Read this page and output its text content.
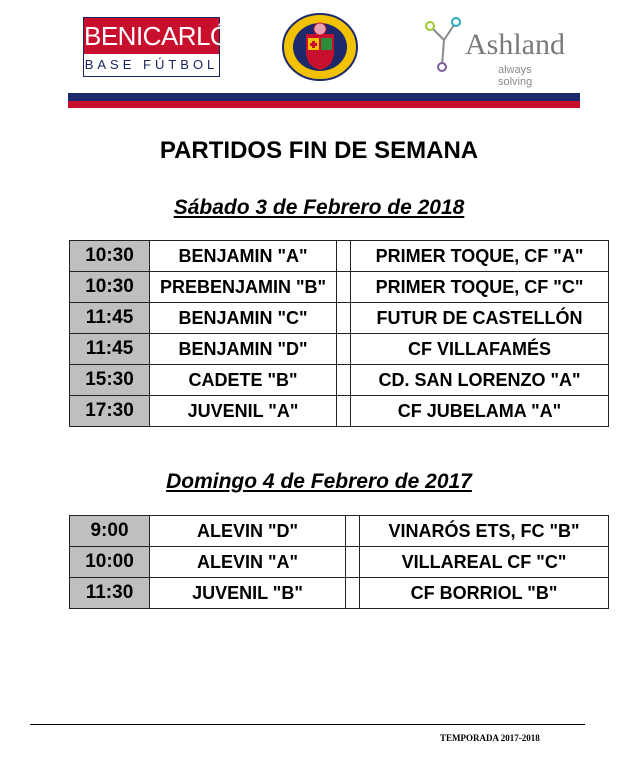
BENICARLÓ
BASE FÚTBOL
Ashland
always solving
PARTIDOS FIN DE SEMANA
Sábado 3 de Febrero de 2018
10:30	BENJAMIN "A"		PRIMER TOQUE, CF "A"
10:30	PREBENJAMIN "B"		PRIMER TOQUE, CF "C"
11:45	BENJAMIN "C"		FUTUR DE CASTELLÓN
11:45	BENJAMIN "D"		CF VILLAFAMÉS
15:30	CADETE "B"		CD. SAN LORENZO "A"
17:30	JUVENIL "A"		CF JUBELAMA "A"
Domingo 4 de Febrero de 2017
9:00	ALEVIN "D"		VINARÓS ETS, FC "B"
10:00	ALEVIN "A"		VILLAREAL CF "C"
11:30	JUVENIL "B"		CF BORRIOL "B"
TEMPORADA 2017-2018
